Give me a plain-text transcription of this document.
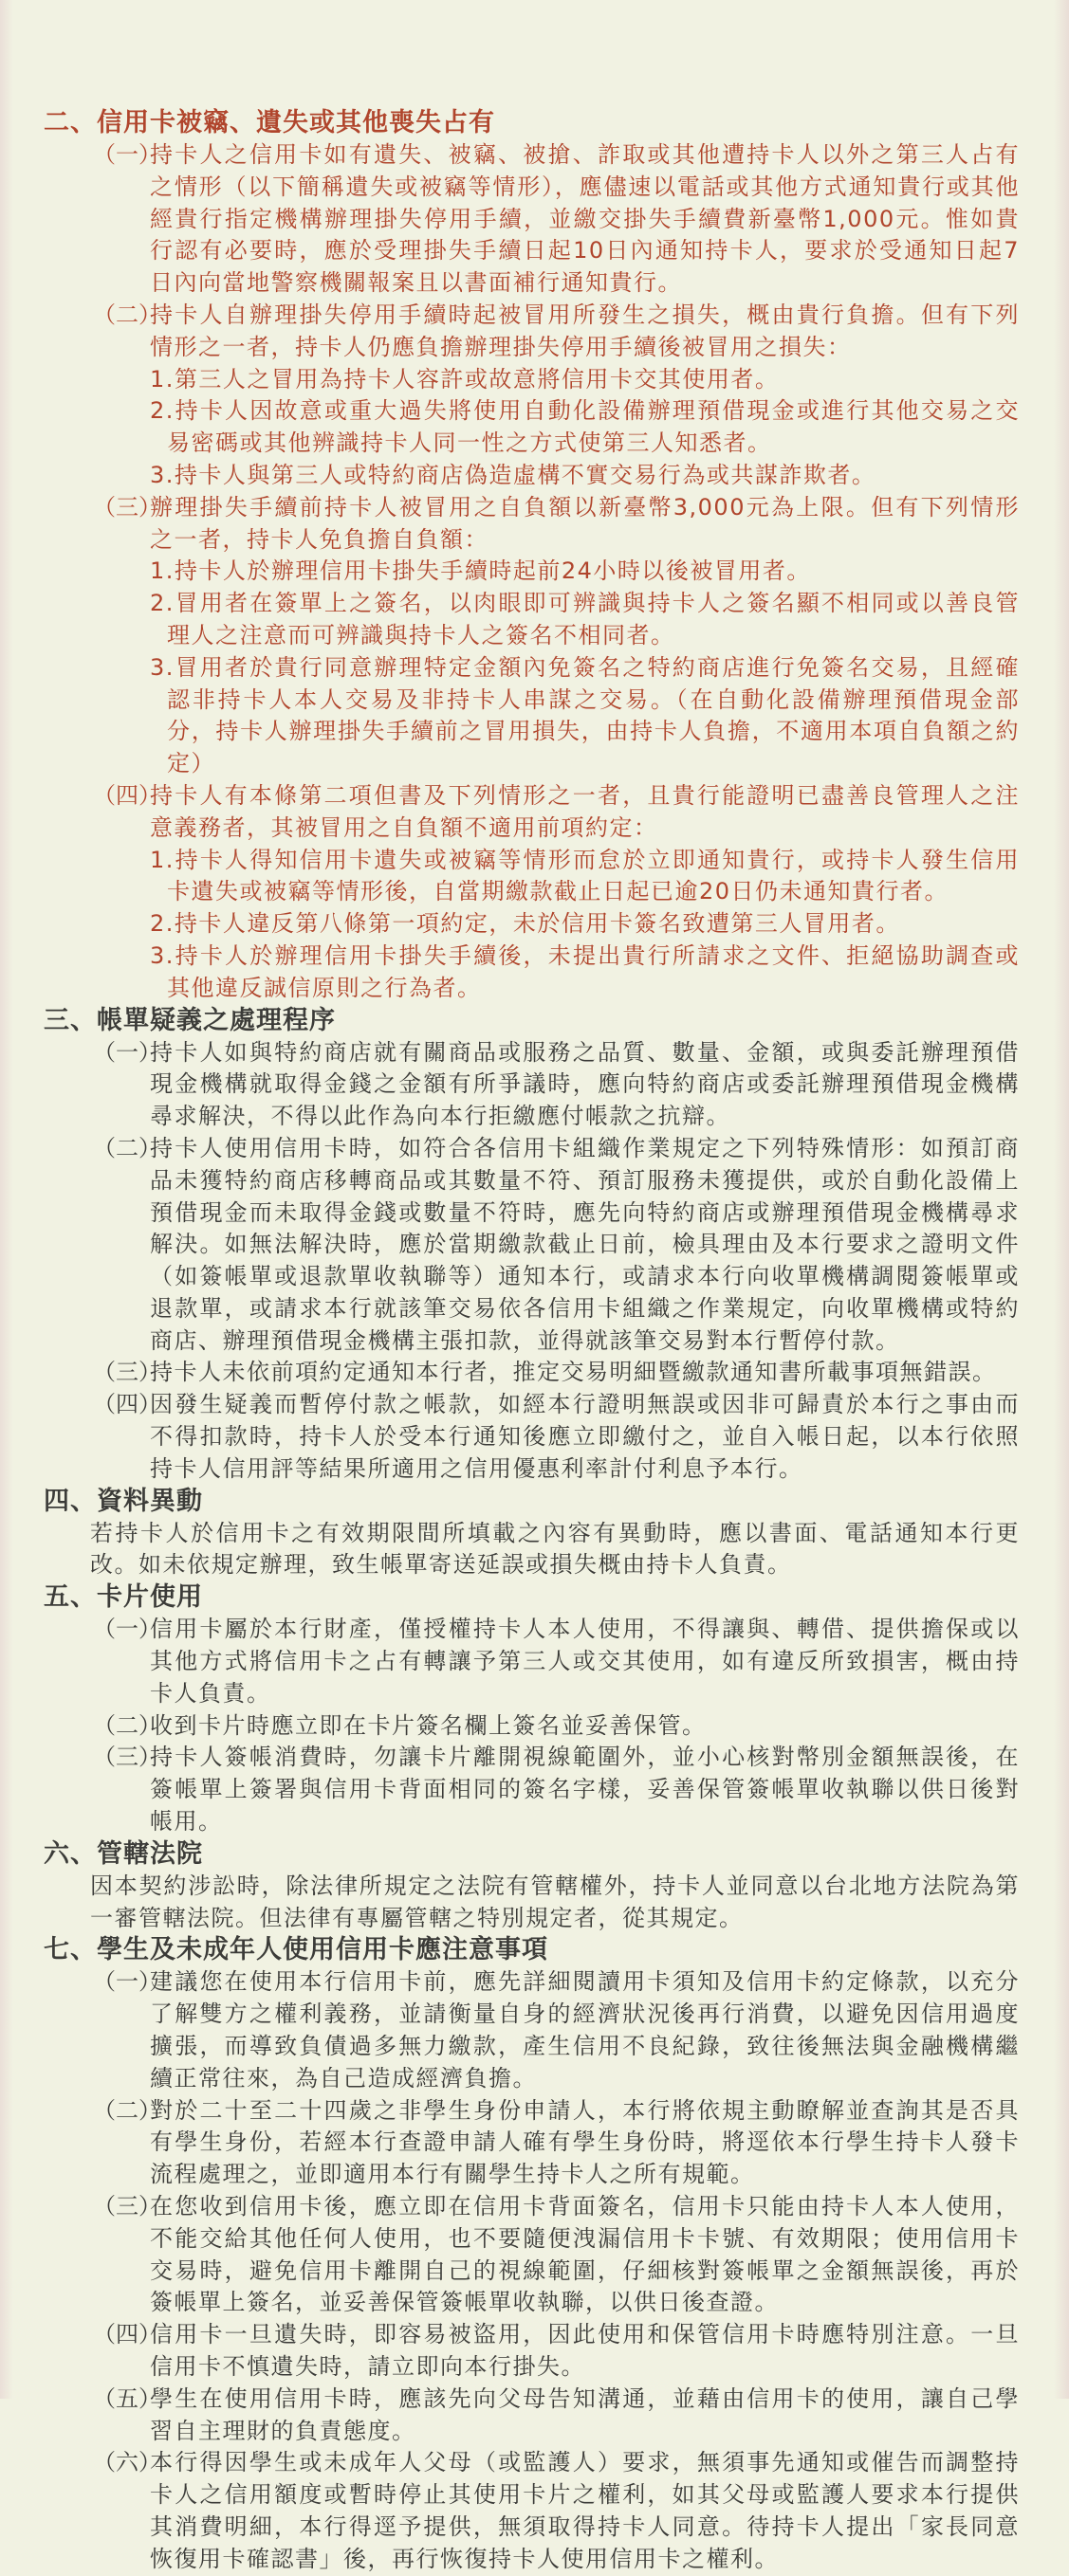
二、信用卡被竊、遺失或其他喪失占有
（一）
持卡人之信用卡如有遺失、被竊、被搶、詐取或其他遭持卡人以外之第三人占有之情形（以下簡稱遺失或被竊等情形），應儘速以電話或其他方式通知貴行或其他經貴行指定機構辦理掛失停用手續，並繳交掛失手續費新臺幣1,000元。惟如貴行認有必要時，應於受理掛失手續日起10日內通知持卡人，要求於受通知日起7日內向當地警察機關報案且以書面補行通知貴行。
（二）
持卡人自辦理掛失停用手續時起被冒用所發生之損失，概由貴行負擔。但有下列情形之一者，持卡人仍應負擔辦理掛失停用手續後被冒用之損失：
1.第三人之冒用為持卡人容許或故意將信用卡交其使用者。
2.持卡人因故意或重大過失將使用自動化設備辦理預借現金或進行其他交易之交易密碼或其他辨識持卡人同一性之方式使第三人知悉者。
3.持卡人與第三人或特約商店偽造虛構不實交易行為或共謀詐欺者。
（三）
辦理掛失手續前持卡人被冒用之自負額以新臺幣3,000元為上限。但有下列情形之一者，持卡人免負擔自負額：
1.持卡人於辦理信用卡掛失手續時起前24小時以後被冒用者。
2.冒用者在簽單上之簽名，以肉眼即可辨識與持卡人之簽名顯不相同或以善良管理人之注意而可辨識與持卡人之簽名不相同者。
3.冒用者於貴行同意辦理特定金額內免簽名之特約商店進行免簽名交易，且經確認非持卡人本人交易及非持卡人串謀之交易。（在自動化設備辦理預借現金部分，持卡人辦理掛失手續前之冒用損失，由持卡人負擔，不適用本項自負額之約定）
（四）
持卡人有本條第二項但書及下列情形之一者，且貴行能證明已盡善良管理人之注意義務者，其被冒用之自負額不適用前項約定：
1.持卡人得知信用卡遺失或被竊等情形而怠於立即通知貴行，或持卡人發生信用卡遺失或被竊等情形後，自當期繳款截止日起已逾20日仍未通知貴行者。
2.持卡人違反第八條第一項約定，未於信用卡簽名致遭第三人冒用者。
3.持卡人於辦理信用卡掛失手續後，未提出貴行所請求之文件、拒絕協助調查或其他違反誠信原則之行為者。
三、帳單疑義之處理程序
（一）
持卡人如與特約商店就有關商品或服務之品質、數量、金額，或與委託辦理預借現金機構就取得金錢之金額有所爭議時，應向特約商店或委託辦理預借現金機構尋求解決，不得以此作為向本行拒繳應付帳款之抗辯。
（二）
持卡人使用信用卡時，如符合各信用卡組織作業規定之下列特殊情形：如預訂商品未獲特約商店移轉商品或其數量不符、預訂服務未獲提供，或於自動化設備上預借現金而未取得金錢或數量不符時，應先向特約商店或辦理預借現金機構尋求解決。如無法解決時，應於當期繳款截止日前，檢具理由及本行要求之證明文件（如簽帳單或退款單收執聯等）通知本行，或請求本行向收單機構調閱簽帳單或退款單，或請求本行就該筆交易依各信用卡組織之作業規定，向收單機構或特約商店、辦理預借現金機構主張扣款，並得就該筆交易對本行暫停付款。
（三）
持卡人未依前項約定通知本行者，推定交易明細暨繳款通知書所載事項無錯誤。
（四）
因發生疑義而暫停付款之帳款，如經本行證明無誤或因非可歸責於本行之事由而不得扣款時，持卡人於受本行通知後應立即繳付之，並自入帳日起，以本行依照持卡人信用評等結果所適用之信用優惠利率計付利息予本行。
四、資料異動
若持卡人於信用卡之有效期限間所填載之內容有異動時，應以書面、電話通知本行更改。如未依規定辦理，致生帳單寄送延誤或損失概由持卡人負責。
五、卡片使用
（一）
信用卡屬於本行財產，僅授權持卡人本人使用，不得讓與、轉借、提供擔保或以其他方式將信用卡之占有轉讓予第三人或交其使用，如有違反所致損害，概由持卡人負責。
（二）
收到卡片時應立即在卡片簽名欄上簽名並妥善保管。
（三）
持卡人簽帳消費時，勿讓卡片離開視線範圍外，並小心核對幣別金額無誤後，在簽帳單上簽署與信用卡背面相同的簽名字樣，妥善保管簽帳單收執聯以供日後對帳用。
六、管轄法院
因本契約涉訟時，除法律所規定之法院有管轄權外，持卡人並同意以台北地方法院為第一審管轄法院。但法律有專屬管轄之特別規定者，從其規定。
七、學生及未成年人使用信用卡應注意事項
（一）
建議您在使用本行信用卡前，應先詳細閱讀用卡須知及信用卡約定條款，以充分了解雙方之權利義務，並請衡量自身的經濟狀況後再行消費，以避免因信用過度擴張，而導致負債過多無力繳款，產生信用不良紀錄，致往後無法與金融機構繼續正常往來，為自己造成經濟負擔。
（二）
對於二十至二十四歲之非學生身份申請人，本行將依規主動瞭解並查詢其是否具有學生身份，若經本行查證申請人確有學生身份時，將逕依本行學生持卡人發卡流程處理之，並即適用本行有關學生持卡人之所有規範。
（三）
在您收到信用卡後，應立即在信用卡背面簽名，信用卡只能由持卡人本人使用，不能交給其他任何人使用，也不要隨便洩漏信用卡卡號、有效期限；使用信用卡交易時，避免信用卡離開自己的視線範圍，仔細核對簽帳單之金額無誤後，再於簽帳單上簽名，並妥善保管簽帳單收執聯，以供日後查證。
（四）
信用卡一旦遺失時，即容易被盜用，因此使用和保管信用卡時應特別注意。一旦信用卡不慎遺失時，請立即向本行掛失。
（五）
學生在使用信用卡時，應該先向父母告知溝通，並藉由信用卡的使用，讓自己學習自主理財的負責態度。
（六）
本行得因學生或未成年人父母（或監護人）要求，無須事先通知或催告而調整持卡人之信用額度或暫時停止其使用卡片之權利，如其父母或監護人要求本行提供其消費明細，本行得逕予提供，無須取得持卡人同意。待持卡人提出「家長同意恢復用卡確認書」後，再行恢復持卡人使用信用卡之權利。
